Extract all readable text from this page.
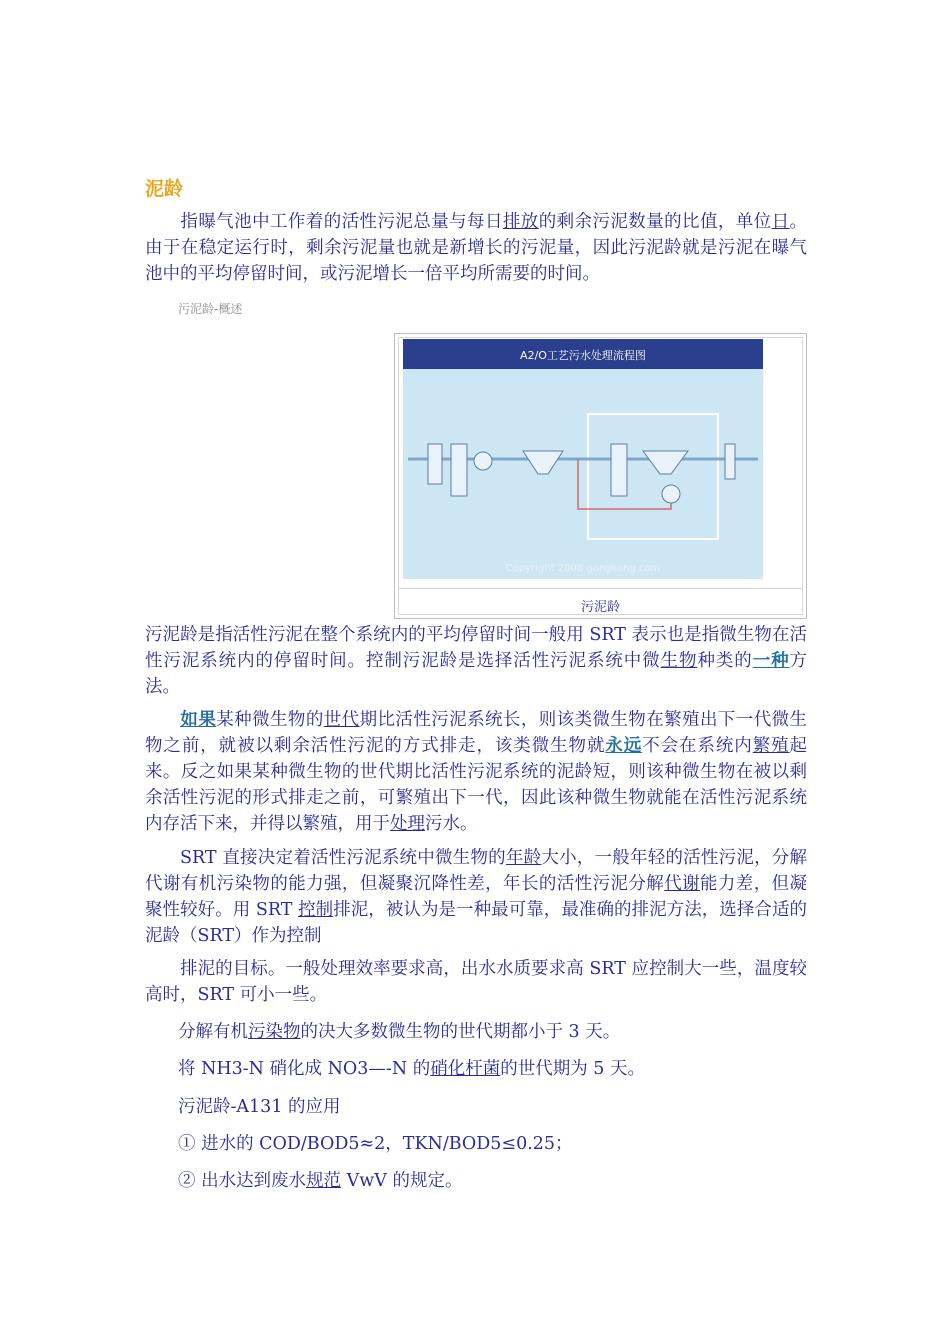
泥龄
指曝气池中工作着的活性污泥总量与每日排放的剩余污泥数量的比值，单位日。由于在稳定运行时，剩余污泥量也就是新增长的污泥量，因此污泥龄就是污泥在曝气池中的平均停留时间，或污泥增长一倍平均所需要的时间。
污泥龄-概述
A2/O工艺污水处理流程图
Copyright 2008 gongkong.com
污泥龄
污泥龄是指活性污泥在整个系统内的平均停留时间一般用 SRT 表示也是指微生物在活性污泥系统内的停留时间。控制污泥龄是选择活性污泥系统中微生物种类的一种方法。
如果某种微生物的世代期比活性污泥系统长，则该类微生物在繁殖出下一代微生物之前，就被以剩余活性污泥的方式排走，该类微生物就永远不会在系统内繁殖起来。反之如果某种微生物的世代期比活性污泥系统的泥龄短，则该种微生物在被以剩余活性污泥的形式排走之前，可繁殖出下一代，因此该种微生物就能在活性污泥系统内存活下来，并得以繁殖，用于处理污水。
SRT 直接决定着活性污泥系统中微生物的年龄大小，一般年轻的活性污泥，分解代谢有机污染物的能力强，但凝聚沉降性差，年长的活性污泥分解代谢能力差，但凝聚性较好。用 SRT 控制排泥，被认为是一种最可靠，最准确的排泥方法，选择合适的泥龄（SRT）作为控制
排泥的目标。一般处理效率要求高，出水水质要求高 SRT 应控制大一些，温度较高时，SRT 可小一些。
分解有机污染物的决大多数微生物的世代期都小于 3 天。
将 NH3-N 硝化成 NO3—-N 的硝化杆菌的世代期为 5 天。
污泥龄-A131 的应用
① 进水的 COD/BOD5≈2，TKN/BOD5≤0.25；
② 出水达到废水规范 VwV 的规定。
